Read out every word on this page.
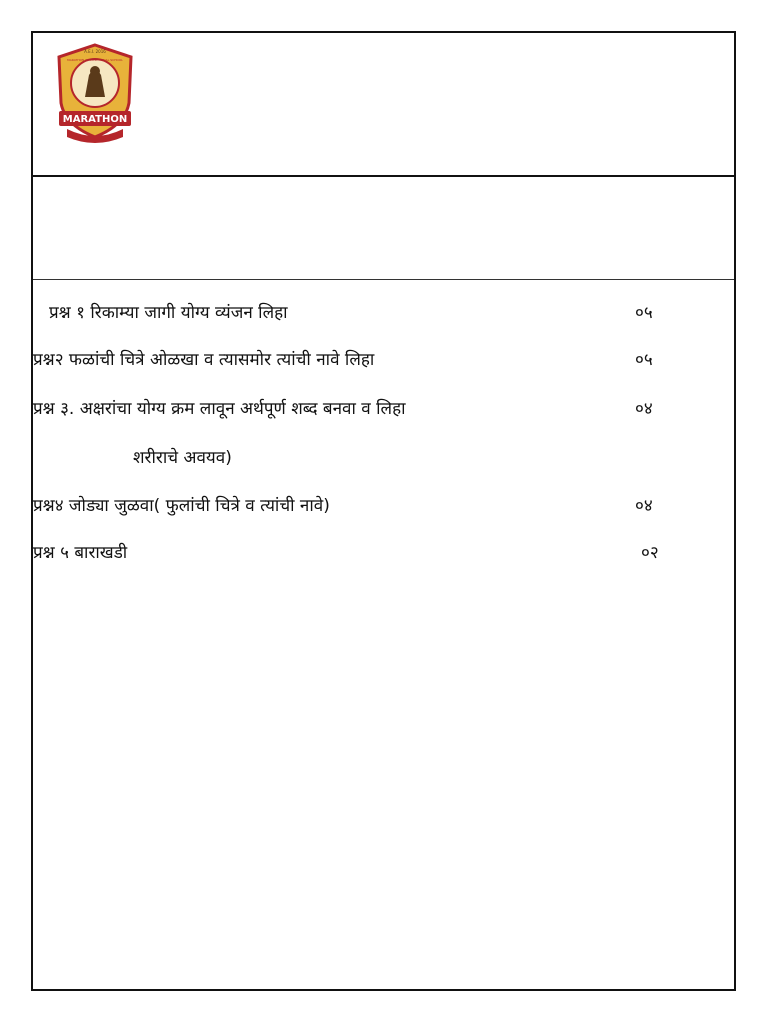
A.E.I. 2016
MARATHON INTERNATIONAL SCHOOL
MARATHON
प्रश्न १ रिकाम्या जागी योग्य व्यंजन लिहा	०५
प्रश्न२ फळांची चित्रे ओळखा व त्यासमोर त्यांची नावे लिहा	०५
प्रश्न ३. अक्षरांचा योग्य क्रम लावून अर्थपूर्ण शब्द बनवा व लिहा	०४
शरीराचे अवयव)
प्रश्न४ जोड्या जुळवा( फुलांची चित्रे व त्यांची नावे)	०४
प्रश्न ५ बाराखडी	०२
